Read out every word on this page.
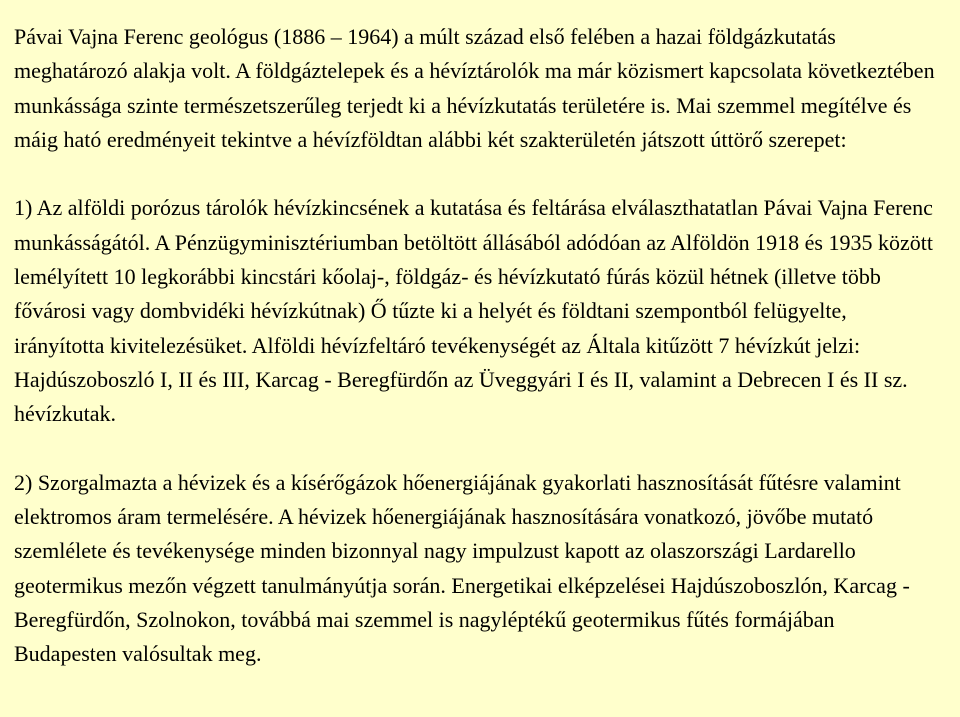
Pávai Vajna Ferenc geológus (1886 – 1964) a múlt század első felében a hazai földgázkutatás meghatározó alakja volt. A földgáztelepek és a hévíztárolók ma már közismert kapcsolata következtében munkássága szinte természetszerűleg terjedt ki a hévízkutatás területére is. Mai szemmel megítélve és máig ható eredményeit tekintve a hévízföldtan alábbi két szakterületén játszott úttörő szerepet:

1) Az alföldi porózus tárolók hévízkincsének a kutatása és feltárása elválaszthatatlan Pávai Vajna Ferenc munkásságától. A Pénzügyminisztériumban betöltött állásából adódóan az Alföldön 1918 és 1935 között lemélyített 10 legkorábbi kincstári kőolaj-, földgáz- és hévízkutató fúrás közül hétnek (illetve több fővárosi vagy dombvidéki hévízkútnak) Ő tűzte ki a helyét és földtani szempontból felügyelte, irányította kivitelezésüket. Alföldi hévízfeltáró tevékenységét az Általa kitűzött 7 hévízkút jelzi: Hajdúszoboszló I, II és III, Karcag - Beregfürdőn az Üveggyári I és II, valamint a Debrecen I és II sz. hévízkutak.

2) Szorgalmazta a hévizek és a kísérőgázok hőenergiájának gyakorlati hasznosítását fűtésre valamint elektromos áram termelésére. A hévizek hőenergiájának hasznosítására vonatkozó, jövőbe mutató szemlélete és tevékenysége minden bizonnyal nagy impulzust kapott az olaszországi Lardarello geotermikus mezőn végzett tanulmányútja során. Energetikai elképzelései Hajdúszoboszlón, Karcag - Beregfürdőn, Szolnokon, továbbá mai szemmel is nagyléptékű geotermikus fűtés formájában Budapesten valósultak meg.
